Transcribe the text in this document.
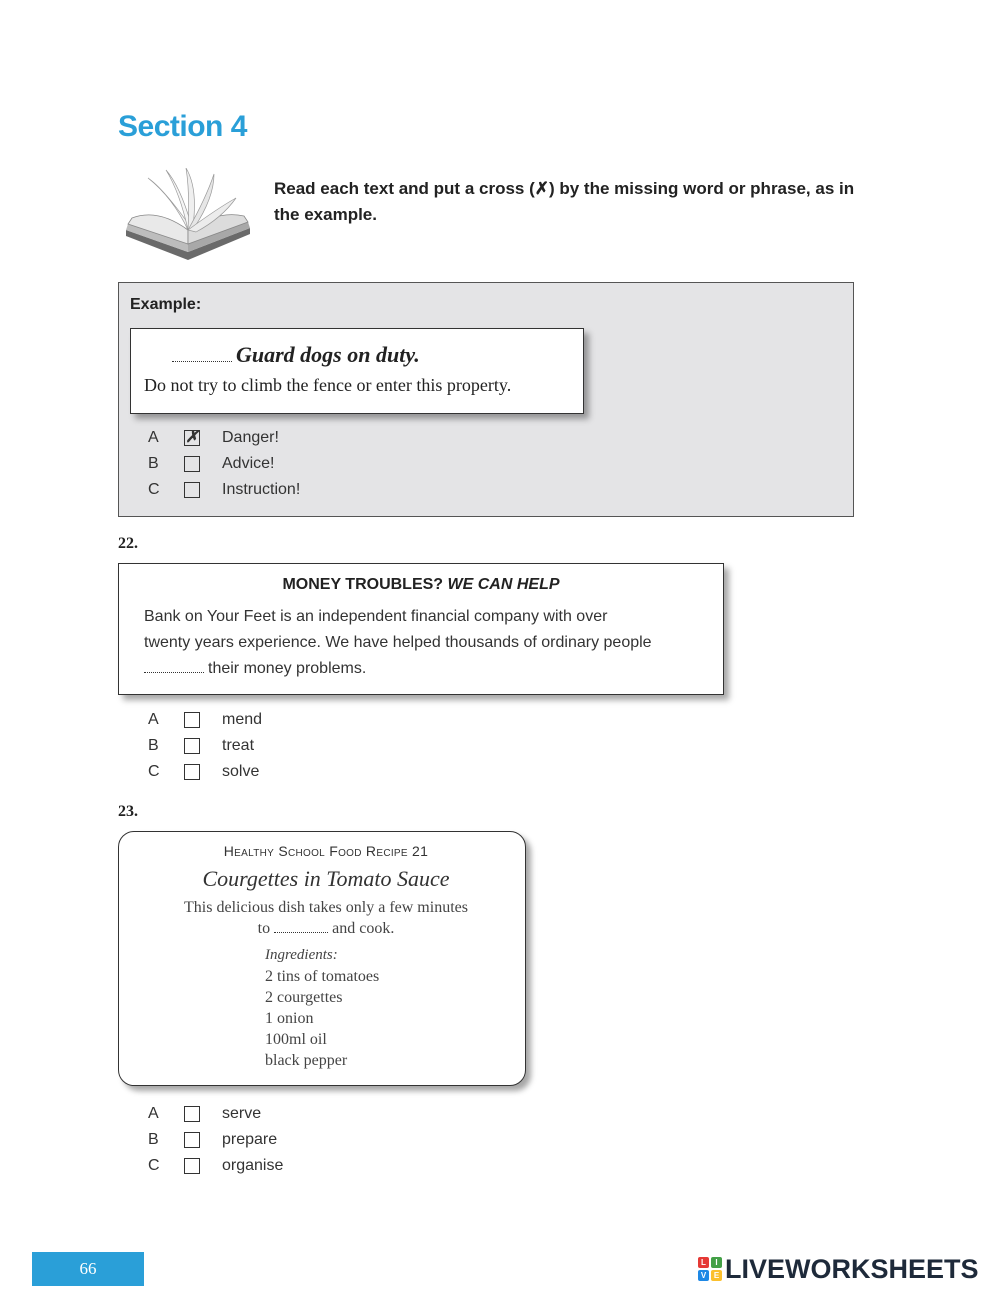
Section 4
Read each text and put a cross (✗) by the missing word or phrase, as in the example.
Example:
Guard dogs on duty.
Do not try to climb the fence or enter this property.
A	✗ Danger!
B	Advice!
C	Instruction!
22.
MONEY TROUBLES? WE CAN HELP
Bank on Your Feet is an independent financial company with over
twenty years experience. We have helped thousands of ordinary people
their money problems.
A	mend
B	treat
C	solve
23.
Healthy School Food Recipe 21
Courgettes in Tomato Sauce
This delicious dish takes only a few minutes
to	and cook.
Ingredients:
2 tins of tomatoes
2 courgettes
1 onion
100ml oil
black pepper
A	serve
B	prepare
C	organise
66	L	I
V E LIVEWORKSHEETS
